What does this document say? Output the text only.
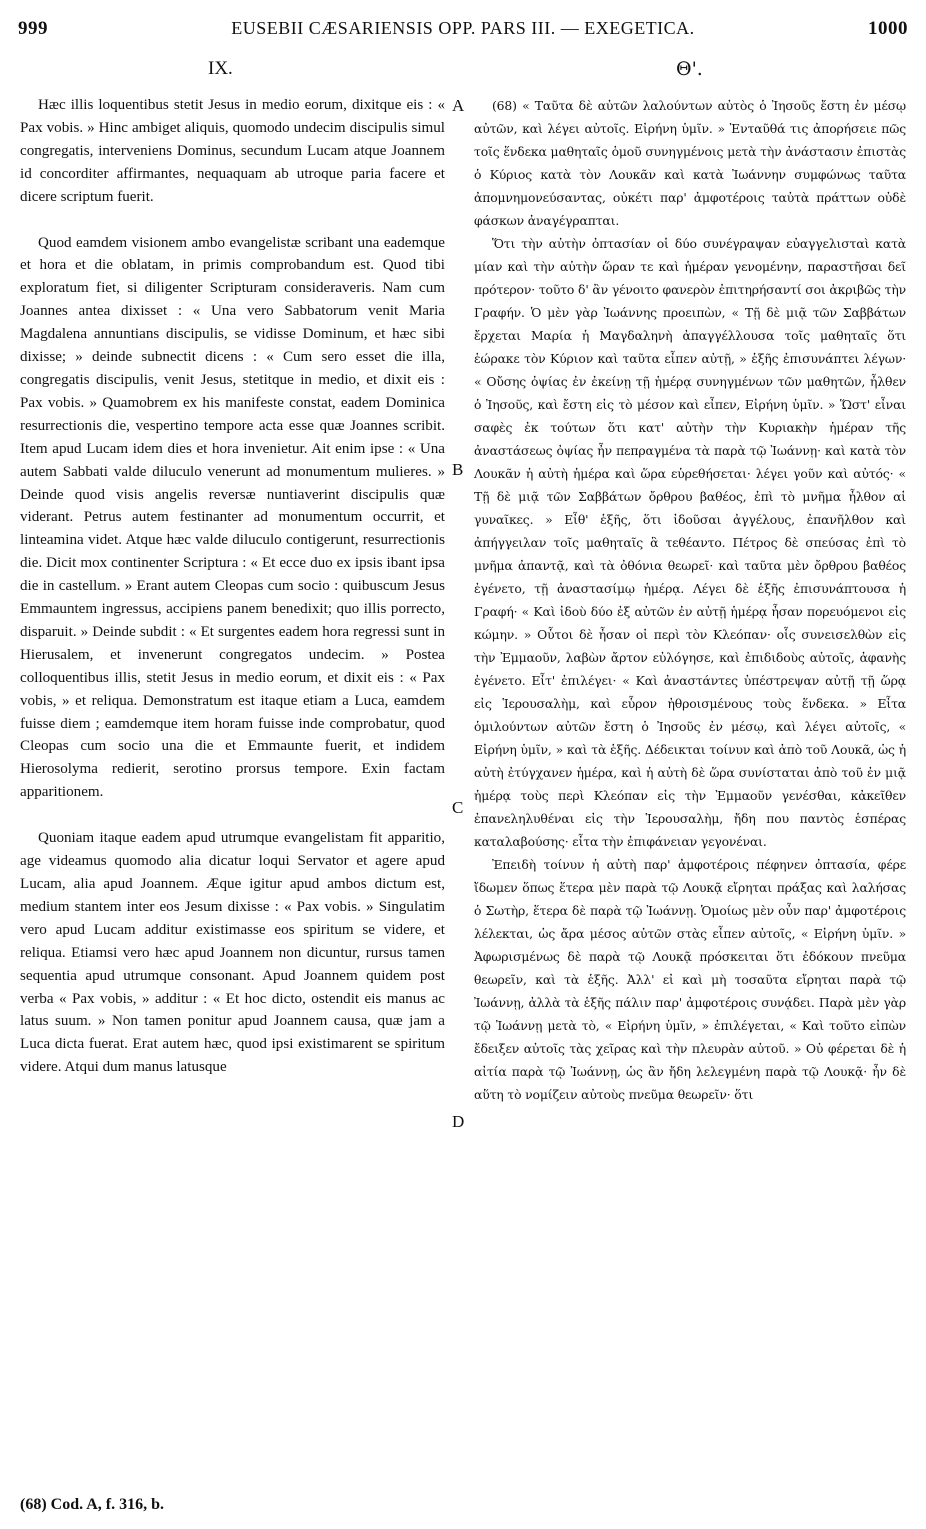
999	EUSEBII CÆSARIENSIS OPP. PARS III. — EXEGETICA.	1000
IX.	Θ'.

Hæc illis loquentibus stetit Jesus in medio eorum, dixitque eis : « Pax vobis. » Hinc ambiget aliquis, quomodo undecim discipulis simul congregatis, interveniens Dominus, secundum Lucam atque Joannem id concorditer affirmantes, nequaquam ab utroque paria facere et dicere scriptum fuerit.

Quod eamdem visionem ambo evangelistæ scribant una eademque et hora et die oblatam, in primis comprobandum est. Quod tibi exploratum fiet, si diligenter Scripturam consideraveris. Nam cum Joannes antea dixisset : « Una vero Sabbatorum venit Maria Magdalena annuntians discipulis, se vidisse Dominum, et hæc sibi dixisse; » deinde subnectit dicens : « Cum sero esset die illa, congregatis discipulis, venit Jesus, stetitque in medio, et dixit eis : Pax vobis. » Quamobrem ex his manifeste constat, eadem Dominica resurrectionis die, vespertino tempore acta esse quæ Joannes scribit. Item apud Lucam idem dies et hora invenietur. Ait enim ipse : « Una autem Sabbati valde diluculo venerunt ad monumentum mulieres. » Deinde quod visis angelis reversæ nuntiaverint discipulis quæ viderant. Petrus autem festinanter ad monumentum occurrit, et linteamina videt. Atque hæc valde diluculo contigerunt, resurrectionis die. Dicit mox continenter Scriptura : « Et ecce duo ex ipsis ibant ipsa die in castellum. » Erant autem Cleopas cum socio : quibuscum Jesus Emmauntem ingressus, accipiens panem benedixit; quo illis porrecto, disparuit. » Deinde subdit : « Et surgentes eadem hora regressi sunt in Hierusalem, et invenerunt congregatos undecim. » Postea colloquentibus illis, stetit Jesus in medio eorum, et dixit eis : « Pax vobis, » et reliqua. Demonstratum est itaque etiam a Luca, eamdem fuisse diem ; eamdemque item horam fuisse inde comprobatur, quod Cleopas cum socio una die et Emmaunte fuerit, et indidem Hierosolyma redierit, serotino prorsus tempore. Exin factam apparitionem.

Quoniam itaque eadem apud utrumque evangelistam fit apparitio, age videamus quomodo alia dicatur loqui Servator et agere apud Lucam, alia apud Joannem. Æque igitur apud ambos dictum est, medium stantem inter eos Jesum dixisse : « Pax vobis. » Singulatim vero apud Lucam additur existimasse eos spiritum se videre, et reliqua. Etiamsi vero hæc apud Joannem non dicuntur, rursus tamen sequentia apud utrumque consonant. Apud Joannem quidem post verba « Pax vobis, » additur : « Et hoc dicto, ostendit eis manus ac latus suum. » Non tamen ponitur apud Joannem causa, quæ jam a Luca dicta fuerat. Erat autem hæc, quod ipsi existimarent se spiritum videre. Atqui dum manus latusque

A
B
C
D

(68) « Ταῦτα δὲ αὐτῶν λαλούντων αὐτὸς ὁ Ἰησοῦς ἔστη ἐν μέσῳ αὐτῶν, καὶ λέγει αὐτοῖς. Εἰρήνη ὑμῖν. » Ἐνταῦθά τις ἀπορήσειε πῶς τοῖς ἕνδεκα μαθηταῖς ὁμοῦ συνηγμένοις μετὰ τὴν ἀνάστασιν ἐπιστὰς ὁ Κύριος κατὰ τὸν Λουκᾶν καὶ κατὰ Ἰωάννην συμφώνως ταῦτα ἀπομνημονεύσαντας, οὐκέτι παρ' ἀμφοτέροις ταὐτὰ πράττων οὐδὲ φάσκων ἀναγέγραπται.

Ὅτι τὴν αὐτὴν ὀπτασίαν οἱ δύο συνέγραψαν εὐαγγελισταὶ κατὰ μίαν καὶ τὴν αὐτὴν ὥραν τε καὶ ἡμέραν γενομένην, παραστῆσαι δεῖ πρότερον· τοῦτο δ' ἂν γένοιτο φανερὸν ἐπιτηρήσαντί σοι ἀκριβῶς τὴν Γραφήν. Ὁ μὲν γὰρ Ἰωάννης προειπὼν, « Τῇ δὲ μιᾷ τῶν Σαββάτων ἔρχεται Μαρία ἡ Μαγδαληνὴ ἀπαγγέλλουσα τοῖς μαθηταῖς ὅτι ἑώρακε τὸν Κύριον καὶ ταῦτα εἶπεν αὐτῇ, » ἑξῆς ἐπισυνάπτει λέγων· « Οὔσης ὀψίας ἐν ἐκείνῃ τῇ ἡμέρᾳ συνηγμένων τῶν μαθητῶν, ἦλθεν ὁ Ἰησοῦς, καὶ ἔστη εἰς τὸ μέσον καὶ εἶπεν, Εἰρήνη ὑμῖν. » Ὥστ' εἶναι σαφὲς ἐκ τούτων ὅτι κατ' αὐτὴν τὴν Κυριακὴν ἡμέραν τῆς ἀναστάσεως ὀψίας ἦν πεπραγμένα τὰ παρὰ τῷ Ἰωάννῃ· καὶ κατὰ τὸν Λουκᾶν ἡ αὐτὴ ἡμέρα καὶ ὥρα εὑρεθήσεται· λέγει γοῦν καὶ αὐτός· « Τῇ δὲ μιᾷ τῶν Σαββάτων ὄρθρου βαθέος, ἐπὶ τὸ μνῆμα ἦλθον αἱ γυναῖκες. » Εἶθ' ἑξῆς, ὅτι ἰδοῦσαι ἀγγέλους, ἐπανῆλθον καὶ ἀπήγγειλαν τοῖς μαθηταῖς ἃ τεθέαντο. Πέτρος δὲ σπεύσας ἐπὶ τὸ μνῆμα ἀπαντᾷ, καὶ τὰ ὀθόνια θεωρεῖ· καὶ ταῦτα μὲν ὄρθρου βαθέος ἐγένετο, τῇ ἀναστασίμῳ ἡμέρᾳ. Λέγει δὲ ἑξῆς ἐπισυνάπτουσα ἡ Γραφή· « Καὶ ἰδοὺ δύο ἐξ αὐτῶν ἐν αὐτῇ ἡμέρᾳ ἦσαν πορευόμενοι εἰς κώμην. » Οὗτοι δὲ ἦσαν οἱ περὶ τὸν Κλεόπαν· οἷς συνεισελθὼν εἰς τὴν Ἐμμαοῦν, λαβὼν ἄρτον εὐλόγησε, καὶ ἐπιδιδοὺς αὐτοῖς, ἀφανὴς ἐγένετο. Εἶτ' ἐπιλέγει· « Καὶ ἀναστάντες ὑπέστρεψαν αὐτῇ τῇ ὥρᾳ εἰς Ἱερουσαλὴμ, καὶ εὗρον ἠθροισμένους τοὺς ἕνδεκα. » Εἶτα ὁμιλούντων αὐτῶν ἔστη ὁ Ἰησοῦς ἐν μέσῳ, καὶ λέγει αὐτοῖς, « Εἰρήνη ὑμῖν, » καὶ τὰ ἑξῆς. Δέδεικται τοίνυν καὶ ἀπὸ τοῦ Λουκᾶ, ὡς ἡ αὐτὴ ἐτύγχανεν ἡμέρα, καὶ ἡ αὐτὴ δὲ ὥρα συνίσταται ἀπὸ τοῦ ἐν μιᾷ ἡμέρᾳ τοὺς περὶ Κλεόπαν εἰς τὴν Ἐμμαοῦν γενέσθαι, κἀκεῖθεν ἐπανεληλυθέναι εἰς τὴν Ἱερουσαλὴμ, ἤδη που παντὸς ἑσπέρας καταλαβούσης· εἶτα τὴν ἐπιφάνειαν γεγονέναι.

Ἐπειδὴ τοίνυν ἡ αὐτὴ παρ' ἀμφοτέροις πέφηνεν ὀπτασία, φέρε ἴδωμεν ὅπως ἕτερα μὲν παρὰ τῷ Λουκᾷ εἴρηται πράξας καὶ λαλήσας ὁ Σωτὴρ, ἕτερα δὲ παρὰ τῷ Ἰωάννῃ. Ὁμοίως μὲν οὖν παρ' ἀμφοτέροις λέλεκται, ὡς ἄρα μέσος αὐτῶν στὰς εἶπεν αὐτοῖς, « Εἰρήνη ὑμῖν. » Ἀφωρισμένως δὲ παρὰ τῷ Λουκᾷ πρόσκειται ὅτι ἐδόκουν πνεῦμα θεωρεῖν, καὶ τὰ ἑξῆς. Ἀλλ' εἰ καὶ μὴ τοσαῦτα εἴρηται παρὰ τῷ Ἰωάννῃ, ἀλλὰ τὰ ἑξῆς πάλιν παρ' ἀμφοτέροις συνᾴδει. Παρὰ μὲν γὰρ τῷ Ἰωάννῃ μετὰ τὸ, « Εἰρήνη ὑμῖν, » ἐπιλέγεται, « Καὶ τοῦτο εἰπὼν ἔδειξεν αὐτοῖς τὰς χεῖρας καὶ τὴν πλευρὰν αὐτοῦ. » Οὐ φέρεται δὲ ἡ αἰτία παρὰ τῷ Ἰωάννῃ, ὡς ἂν ἤδη λελεγμένη παρὰ τῷ Λουκᾷ· ἦν δὲ αὕτη τὸ νομίζειν αὐτοὺς πνεῦμα θεωρεῖν· ὅτι

(68) Cod. A, f. 316, b.
